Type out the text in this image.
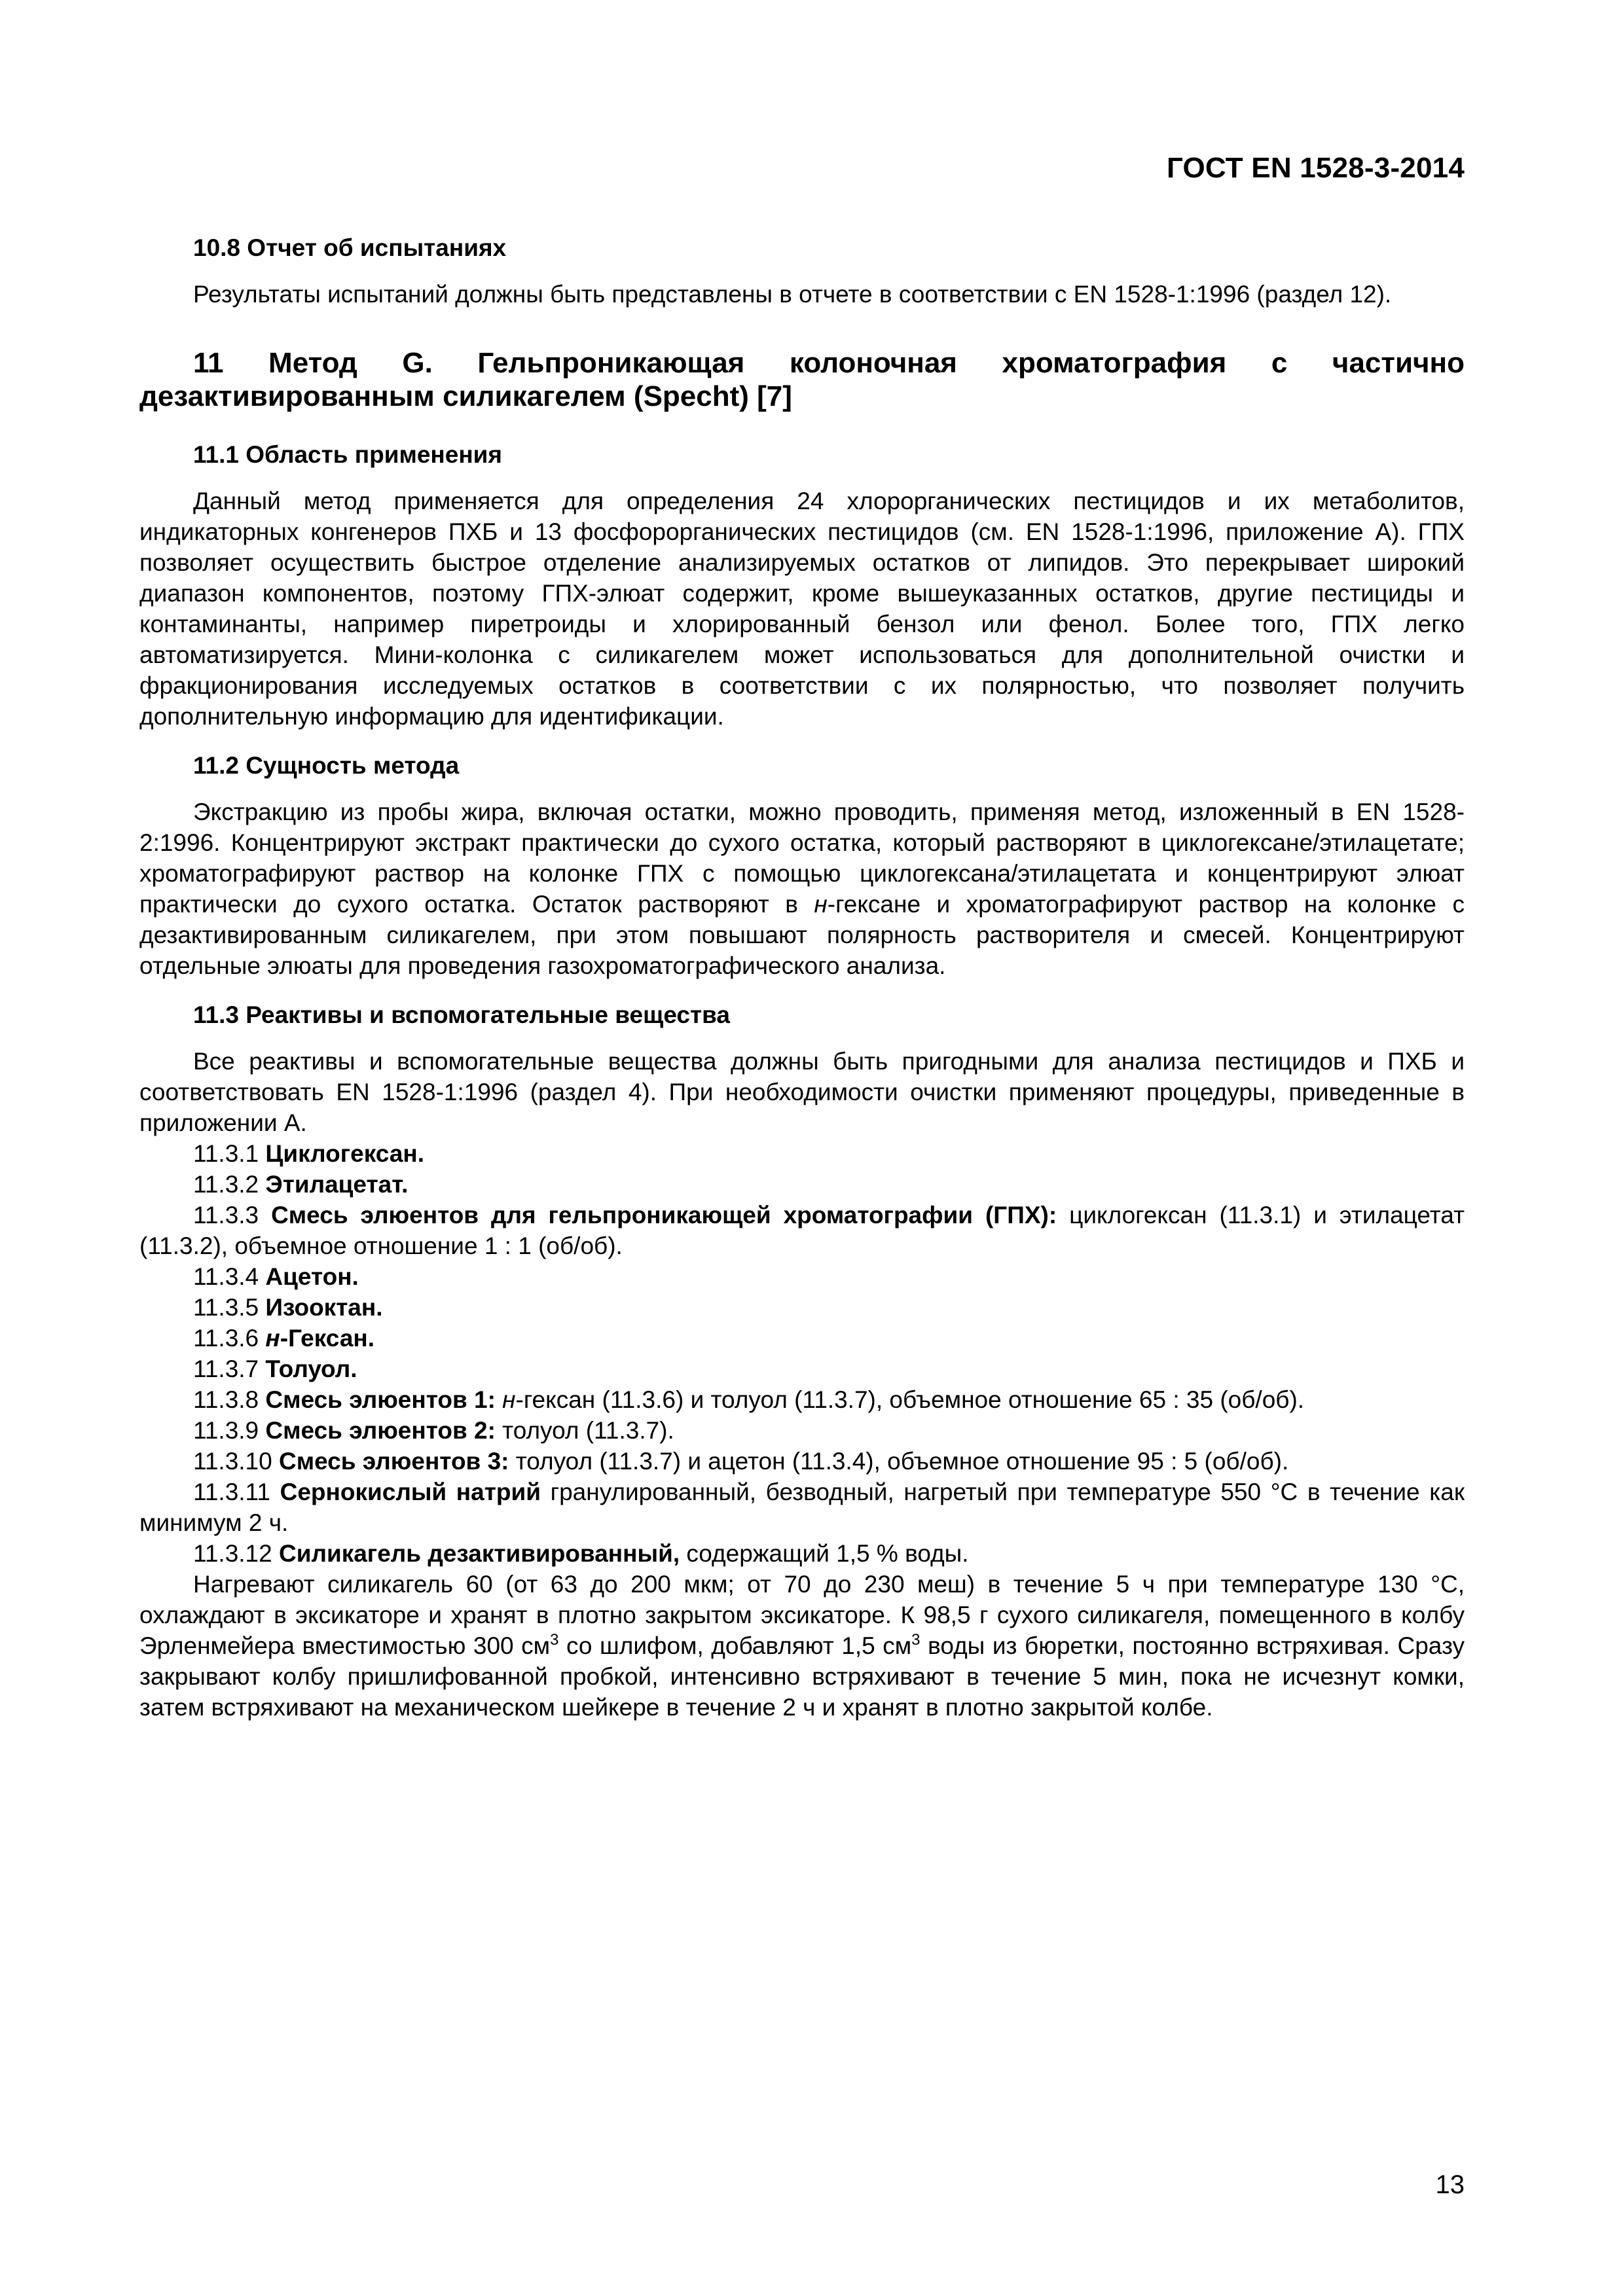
ГОСТ EN 1528-3-2014

10.8 Отчет об испытаниях

Результаты испытаний должны быть представлены в отчете в соответствии с EN 1528-1:1996 (раздел 12).

11 Метод G. Гельпроникающая колоночная хроматография с частично дезактивированным силикагелем (Specht) [7]

11.1 Область применения

Данный метод применяется для определения 24 хлорорганических пестицидов и их метаболитов, индикаторных конгенеров ПХБ и 13 фосфорорганических пестицидов (см. EN 1528-1:1996, приложение А). ГПХ позволяет осуществить быстрое отделение анализируемых остатков от липидов. Это перекрывает широкий диапазон компонентов, поэтому ГПХ-элюат содержит, кроме вышеуказанных остатков, другие пестициды и контаминанты, например пиретроиды и хлорированный бензол или фенол. Более того, ГПХ легко автоматизируется. Мини-колонка с силикагелем может использоваться для дополнительной очистки и фракционирования исследуемых остатков в соответствии с их полярностью, что позволяет получить дополнительную информацию для идентификации.

11.2 Сущность метода

Экстракцию из пробы жира, включая остатки, можно проводить, применяя метод, изложенный в EN 1528-2:1996. Концентрируют экстракт практически до сухого остатка, который растворяют в циклогексане/этилацетате; хроматографируют раствор на колонке ГПХ с помощью циклогексана/этилацетата и концентрируют элюат практически до сухого остатка. Остаток растворяют в н-гексане и хроматографируют раствор на колонке с дезактивированным силикагелем, при этом повышают полярность растворителя и смесей. Концентрируют отдельные элюаты для проведения газохроматографического анализа.

11.3 Реактивы и вспомогательные вещества

Все реактивы и вспомогательные вещества должны быть пригодными для анализа пестицидов и ПХБ и соответствовать EN 1528-1:1996 (раздел 4). При необходимости очистки применяют процедуры, приведенные в приложении А.

11.3.1 Циклогексан.

11.3.2 Этилацетат.

11.3.3 Смесь элюентов для гельпроникающей хроматографии (ГПХ): циклогексан (11.3.1) и этилацетат (11.3.2), объемное отношение 1 : 1 (об/об).

11.3.4 Ацетон.

11.3.5 Изооктан.

11.3.6 н-Гексан.

11.3.7 Толуол.

11.3.8 Смесь элюентов 1: н-гексан (11.3.6) и толуол (11.3.7), объемное отношение 65 : 35 (об/об).

11.3.9 Смесь элюентов 2: толуол (11.3.7).

11.3.10 Смесь элюентов 3: толуол (11.3.7) и ацетон (11.3.4), объемное отношение 95 : 5 (об/об).

11.3.11 Сернокислый натрий гранулированный, безводный, нагретый при температуре 550 °C в течение как минимум 2 ч.

11.3.12 Силикагель дезактивированный, содержащий 1,5 % воды.

Нагревают силикагель 60 (от 63 до 200 мкм; от 70 до 230 меш) в течение 5 ч при температуре 130 °C, охлаждают в эксикаторе и хранят в плотно закрытом эксикаторе. К 98,5 г сухого силикагеля, помещенного в колбу Эрленмейера вместимостью 300 $см^3$ со шлифом, добавляют 1,5 $см^3$ воды из бюретки, постоянно встряхивая. Сразу закрывают колбу пришлифованной пробкой, интенсивно встряхивают в течение 5 мин, пока не исчезнут комки, затем встряхивают на механическом шейкере в течение 2 ч и хранят в плотно закрытой колбе.

13
